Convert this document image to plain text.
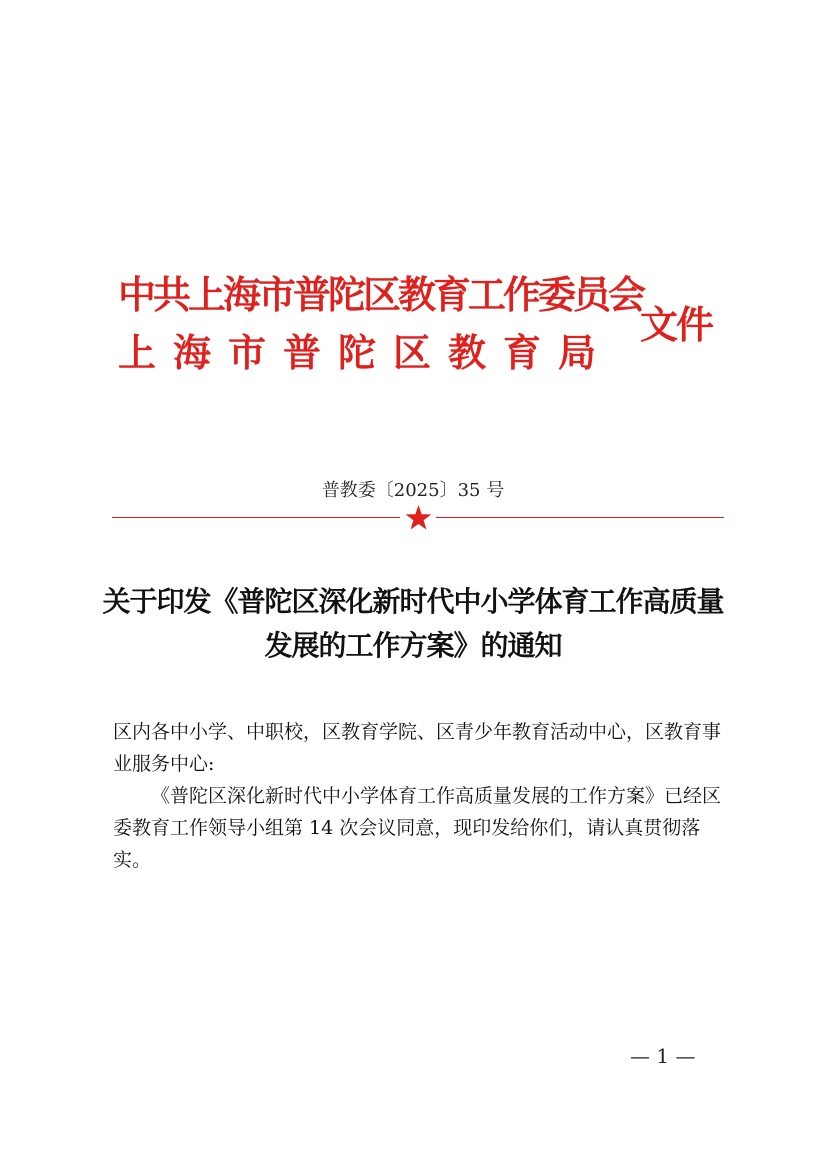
中共上海市普陀区教育工作委员会
上海市普陀区教育局
文件
普教委〔2025〕35 号
关于印发《普陀区深化新时代中小学体育工作高质量发展的工作方案》的通知

区内各中小学、中职校，区教育学院、区青少年教育活动中心，区教育事业服务中心:

《普陀区深化新时代中小学体育工作高质量发展的工作方案》已经区委教育工作领导小组第 14 次会议同意，现印发给你们，请认真贯彻落实。

— 1 —
